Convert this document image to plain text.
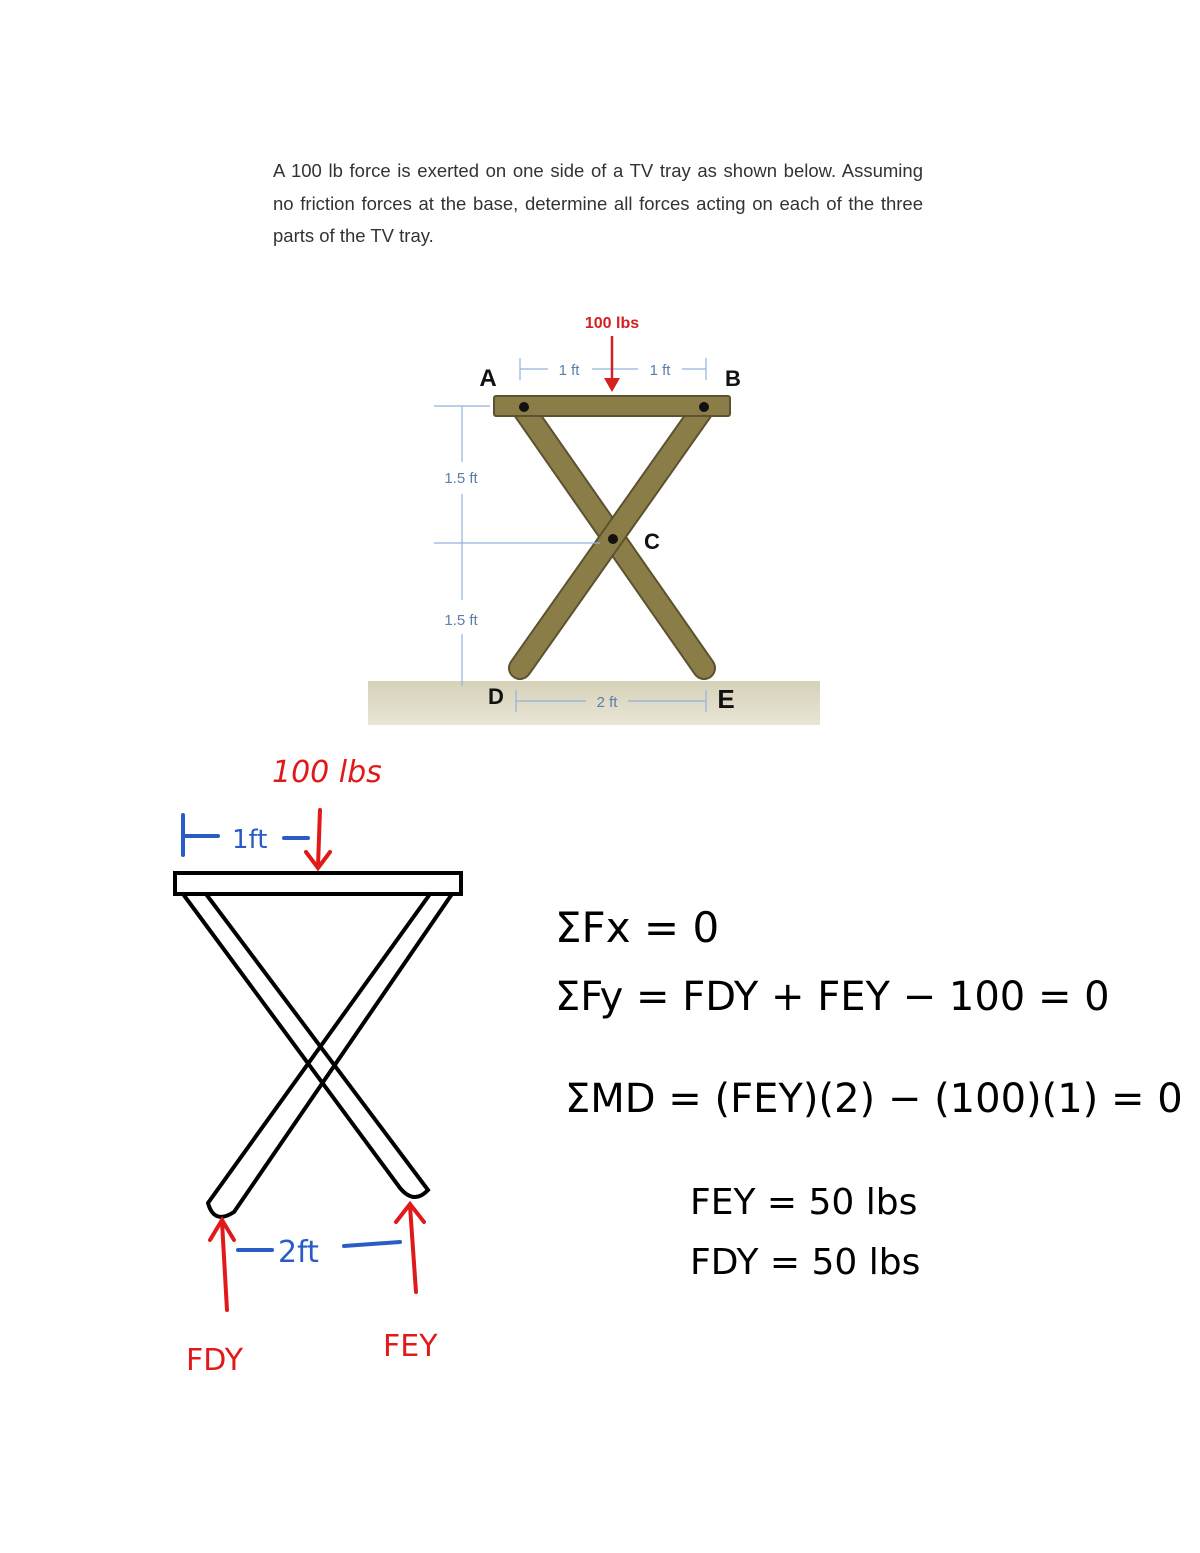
A 100 lb force is exerted on one side of a TV tray as shown below. Assuming no friction forces at the base, determine all forces acting on each of the three parts of the TV tray.

100 lbs
1 ft	1 ft
1.5 ft
1.5 ft
2 ft
A	B
C
D	E
100 lbs
1ft
2ft
FDY	FEY
ΣFx = 0
ΣFy = FDY + FEY − 100 = 0
ΣMD = (FEY)(2) − (100)(1) = 0
FEY = 50 lbs
FDY = 50 lbs
